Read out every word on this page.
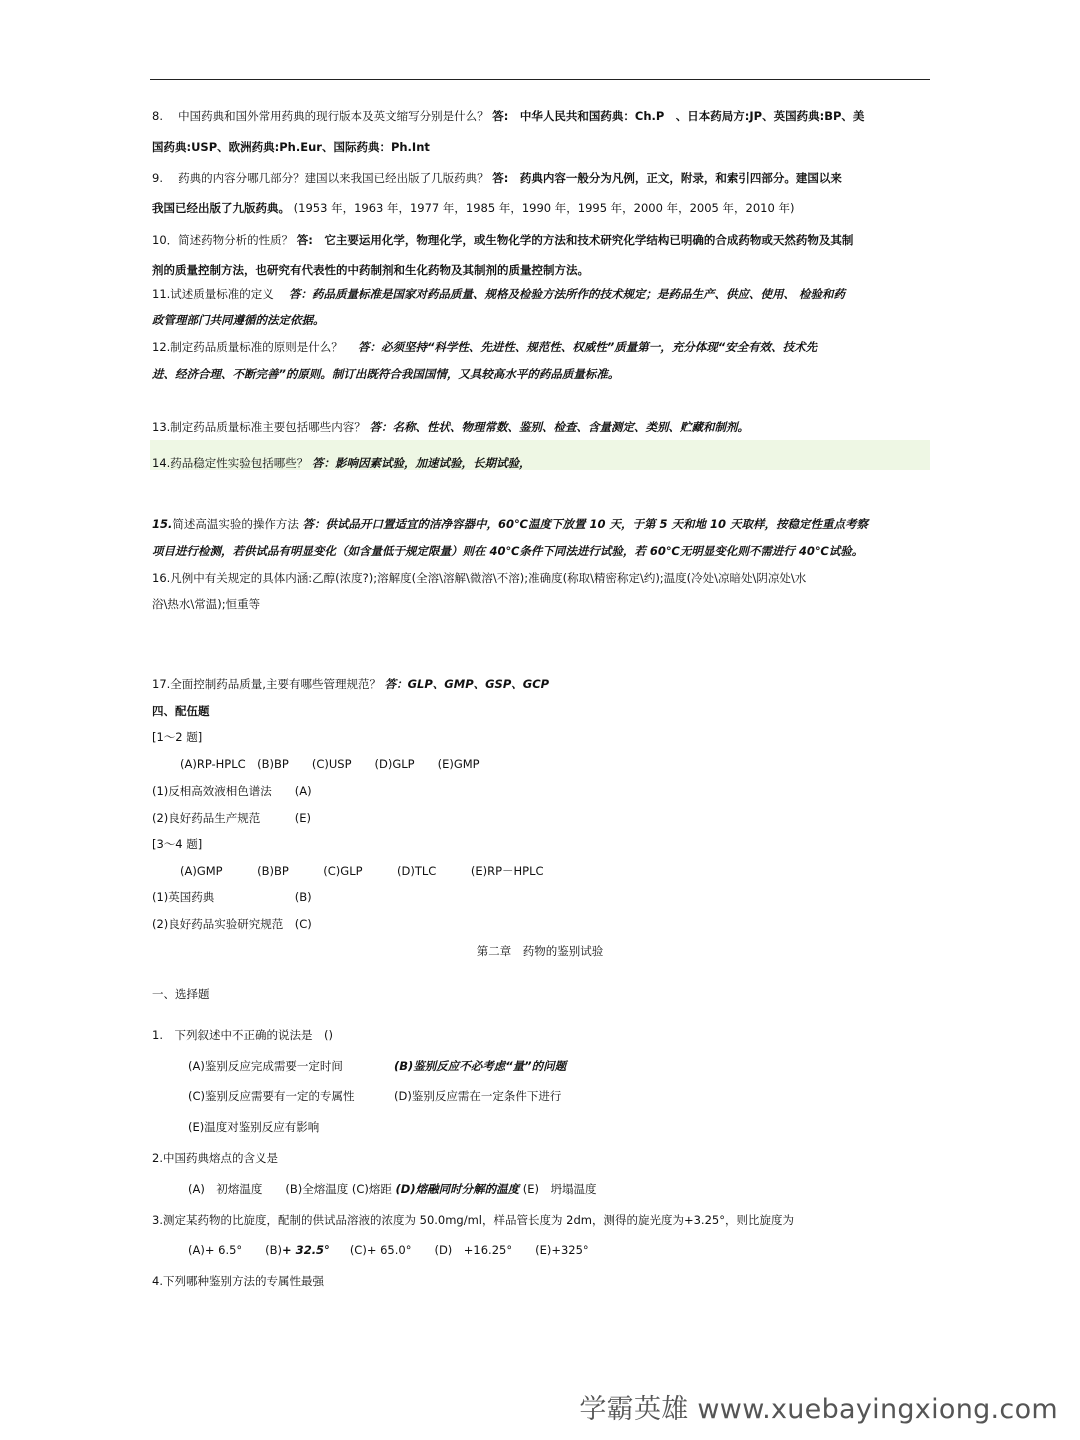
8.　 中国药典和国外常用药典的现行版本及英文缩写分别是什么？ 答:　中华人民共和国药典：Ch.P　、日本药局方:JP、英国药典:BP、美
国药典:USP、欧洲药典:Ph.Eur、国际药典：Ph.Int
9.　 药典的内容分哪几部分？建国以来我国已经出版了几版药典？ 答:　药典内容一般分为凡例，正文，附录，和索引四部分。建国以来
我国已经出版了九版药典。 (1953 年，1963 年，1977 年，1985 年，1990 年，1995 年，2000 年，2005 年，2010 年)
10．简述药物分析的性质？ 答:　它主要运用化学，物理化学，或生物化学的方法和技术研究化学结构已明确的合成药物或天然药物及其制
剂的质量控制方法，也研究有代表性的中药制剂和生化药物及其制剂的质量控制方法。
11.试述质量标准的定义　 答：药品质量标准是国家对药品质量、规格及检验方法所作的技术规定；是药品生产、供应、使用、 检验和药
政管理部门共同遵循的法定依据。
12.制定药品质量标准的原则是什么？　 答：必须坚持“科学性、先进性、规范性、权威性”质量第一，充分体现“安全有效、技术先
进、经济合理、不断完善”的原则。制订出既符合我国国情，又具较高水平的药品质量标准。
13.制定药品质量标准主要包括哪些内容？ 答：名称、性状、物理常数、鉴别、检查、含量测定、类别、贮藏和制剂。
14.药品稳定性实验包括哪些？ 答：影响因素试验，加速试验，长期试验，
15.简述高温实验的操作方法 答：供试品开口置适宜的洁净容器中，60℃温度下放置 10 天，于第 5 天和地 10 天取样，按稳定性重点考察
项目进行检测，若供试品有明显变化（如含量低于规定限量）则在 40℃条件下同法进行试验，若 60℃无明显变化则不需进行 40℃试验。
16.凡例中有关规定的具体内涵:乙醇(浓度?);溶解度(全溶\溶解\微溶\不溶);准确度(称取\精密称定\约);温度(冷处\凉暗处\阴凉处\水
浴\热水\常温);恒重等
17.全面控制药品质量,主要有哪些管理规范？ 答：GLP、GMP、GSP、GCP
四、配伍题
[1～2 题]
(A)RP-HPLC　(B)BP　　(C)USP　　(D)GLP　　(E)GMP
(1)反相高效液相色谱法　　(A)
(2)良好药品生产规范　　　(E)
[3～4 题]
(A)GMP　　　(B)BP　　　(C)GLP　　　(D)TLC　　　(E)RP－HPLC
(1)英国药典　　　　　　　(B)
(2)良好药品实验研究规范　(C)
第二章　药物的鉴别试验
一、选择题
1.　下列叙述中不正确的说法是　()
(A)鉴别反应完成需要一定时间	(B)鉴别反应不必考虑“量”的问题
(C)鉴别反应需要有一定的专属性	(D)鉴别反应需在一定条件下进行
(E)温度对鉴别反应有影响
2.中国药典熔点的含义是
(A)　初熔温度　　(B)全熔温度 (C)熔距 (D)熔融同时分解的温度 (E)　坍塌温度
3.测定某药物的比旋度，配制的供试品溶液的浓度为 50.0mg/ml，样品管长度为 2dm，测得的旋光度为+3.25°，则比旋度为
(A)+ 6.5°　　(B)+ 32.5° (C)+ 65.0°　　(D)　+16.25°　　(E)+325°
4.下列哪种鉴别方法的专属性最强
学霸英雄 www.xuebayingxiong.com
